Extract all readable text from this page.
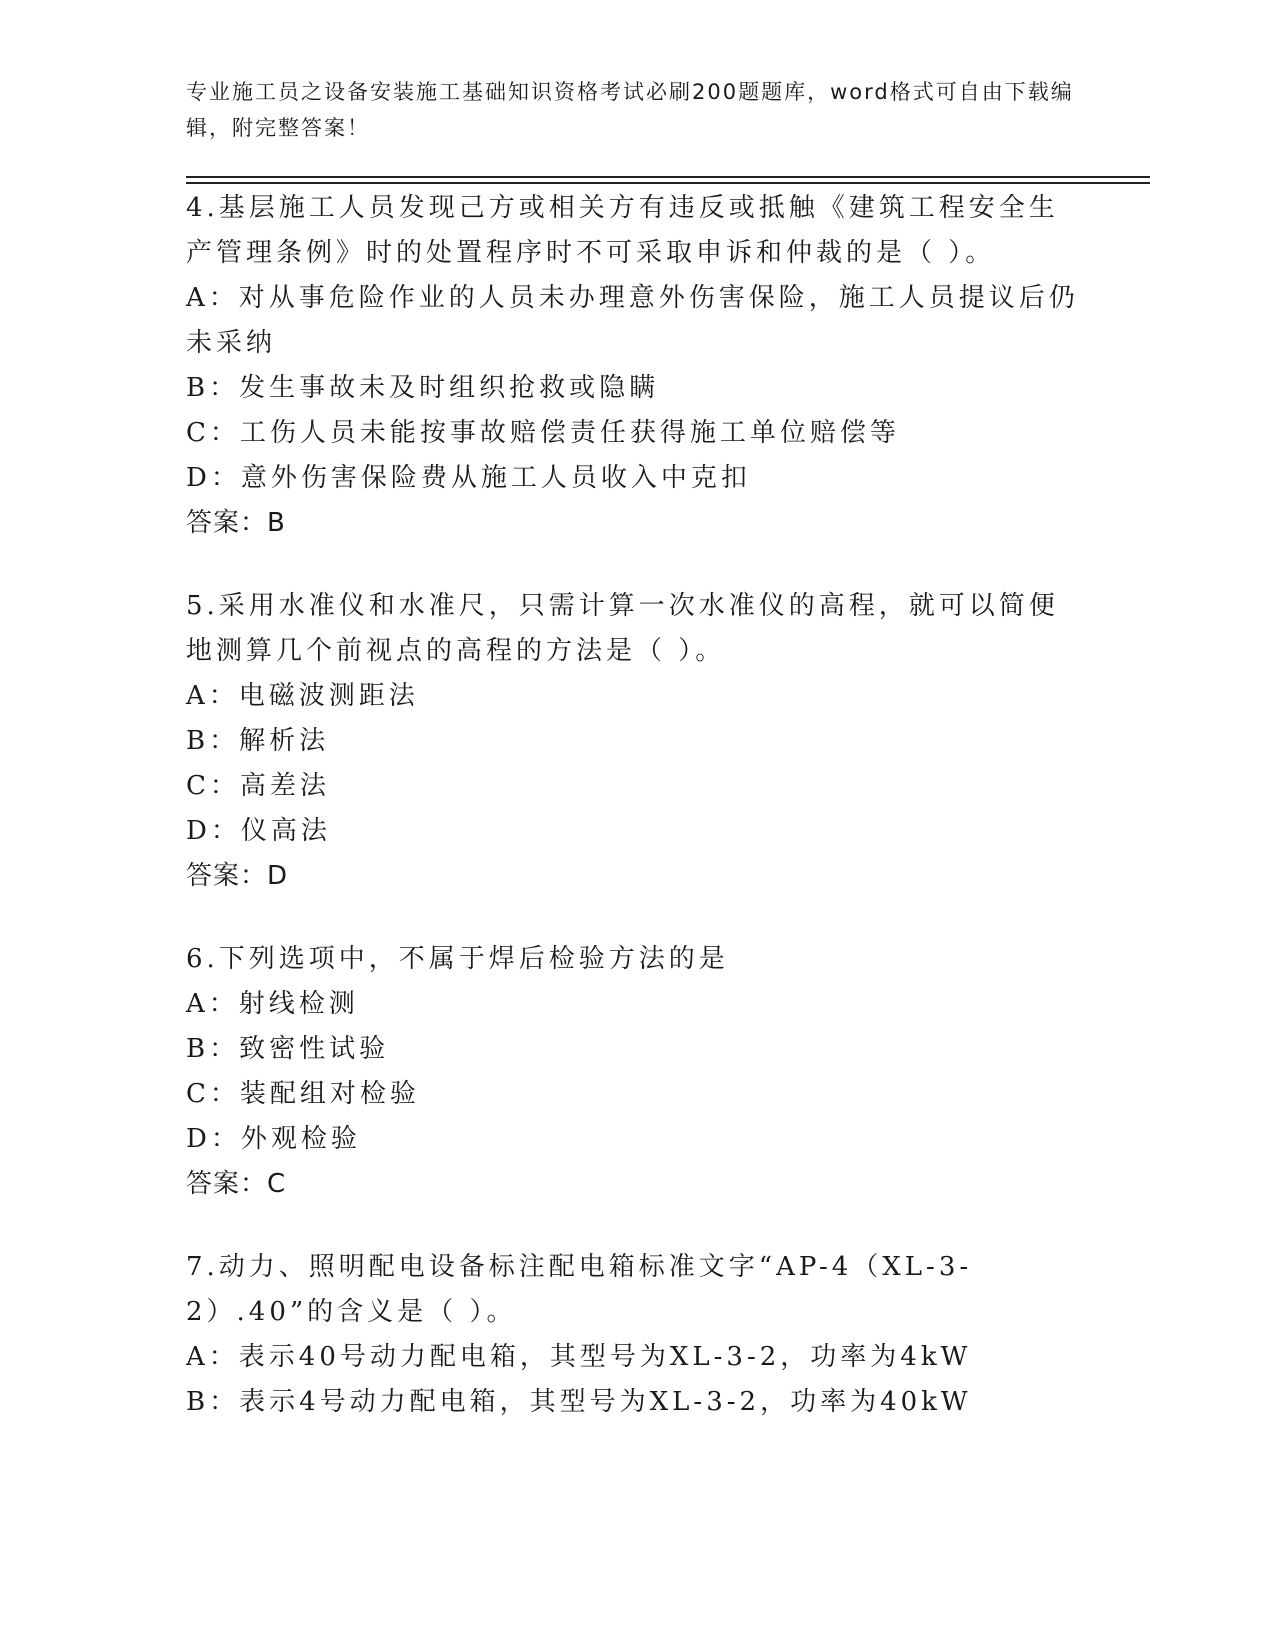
专业施工员之设备安装施工基础知识资格考试必刷200题题库，word格式可自由下载编辑，附完整答案！
4.基层施工人员发现己方或相关方有违反或抵触《建筑工程安全生产管理条例》时的处置程序时不可采取申诉和仲裁的是（ ）。
A：对从事危险作业的人员未办理意外伤害保险，施工人员提议后仍未采纳
B：发生事故未及时组织抢救或隐瞒
C：工伤人员未能按事故赔偿责任获得施工单位赔偿等
D：意外伤害保险费从施工人员收入中克扣
答案：B
5.采用水准仪和水准尺，只需计算一次水准仪的高程，就可以简便地测算几个前视点的高程的方法是（ ）。
A：电磁波测距法
B：解析法
C：高差法
D：仪高法
答案：D
6.下列选项中，不属于焊后检验方法的是
A：射线检测
B：致密性试验
C：装配组对检验
D：外观检验
答案：C
7.动力、照明配电设备标注配电箱标准文字“AP-4（XL-3-2）.40”的含义是（ ）。
A：表示40号动力配电箱，其型号为XL-3-2，功率为4kW
B：表示4号动力配电箱，其型号为XL-3-2，功率为40kW
